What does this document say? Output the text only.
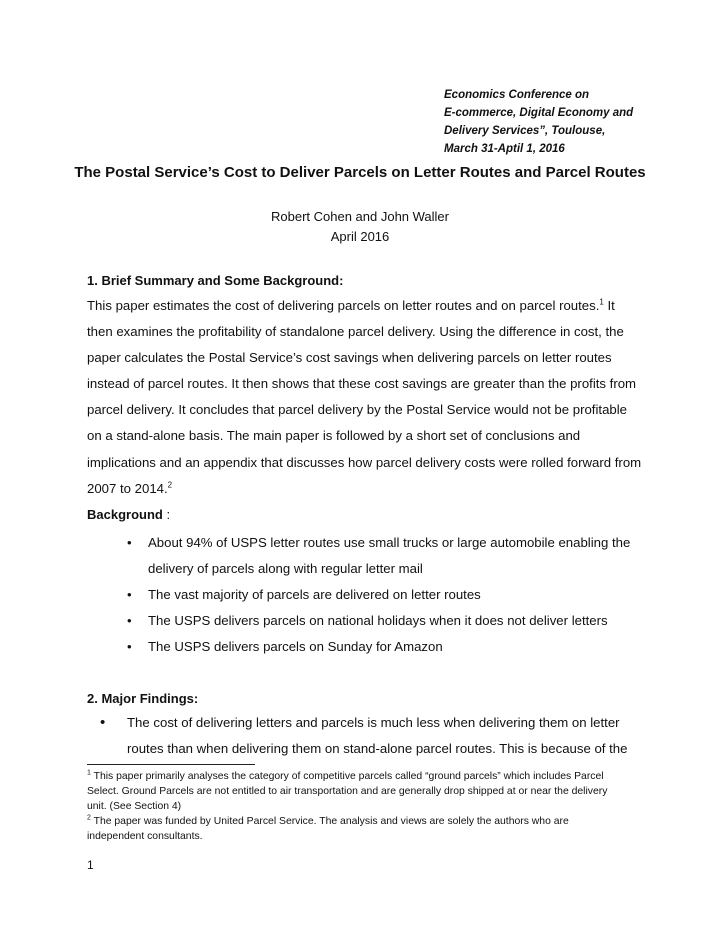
Economics Conference on
E-commerce, Digital Economy and
Delivery Services”, Toulouse,
March 31-Aptil 1, 2016
The Postal Service’s Cost to Deliver Parcels on Letter Routes and Parcel Routes
Robert Cohen and John Waller
April 2016
1. Brief Summary and Some Background:
This paper estimates the cost of delivering parcels on letter routes and on parcel routes.$^1$ It
then examines the profitability of standalone parcel delivery. Using the difference in cost, the
paper calculates the Postal Service’s cost savings when delivering parcels on letter routes
instead of parcel routes. It then shows that these cost savings are greater than the profits from
parcel delivery. It concludes that parcel delivery by the Postal Service would not be profitable
on a stand-alone basis. The main paper is followed by a short set of conclusions and
implications and an appendix that discusses how parcel delivery costs were rolled forward from
2007 to 2014.$^2$
Background :
• About 94% of USPS letter routes use small trucks or large automobile enabling the
delivery of parcels along with regular letter mail
• The vast majority of parcels are delivered on letter routes
• The USPS delivers parcels on national holidays when it does not deliver letters
• The USPS delivers parcels on Sunday for Amazon
2. Major Findings:
• The cost of delivering letters and parcels is much less when delivering them on letter
routes than when delivering them on stand-alone parcel routes. This is because of the
$^1$ This paper primarily analyses the category of competitive parcels called “ground parcels” which includes Parcel
Select. Ground Parcels are not entitled to air transportation and are generally drop shipped at or near the delivery
unit. (See Section 4)
$^2$ The paper was funded by United Parcel Service. The analysis and views are solely the authors who are
independent consultants.
1
